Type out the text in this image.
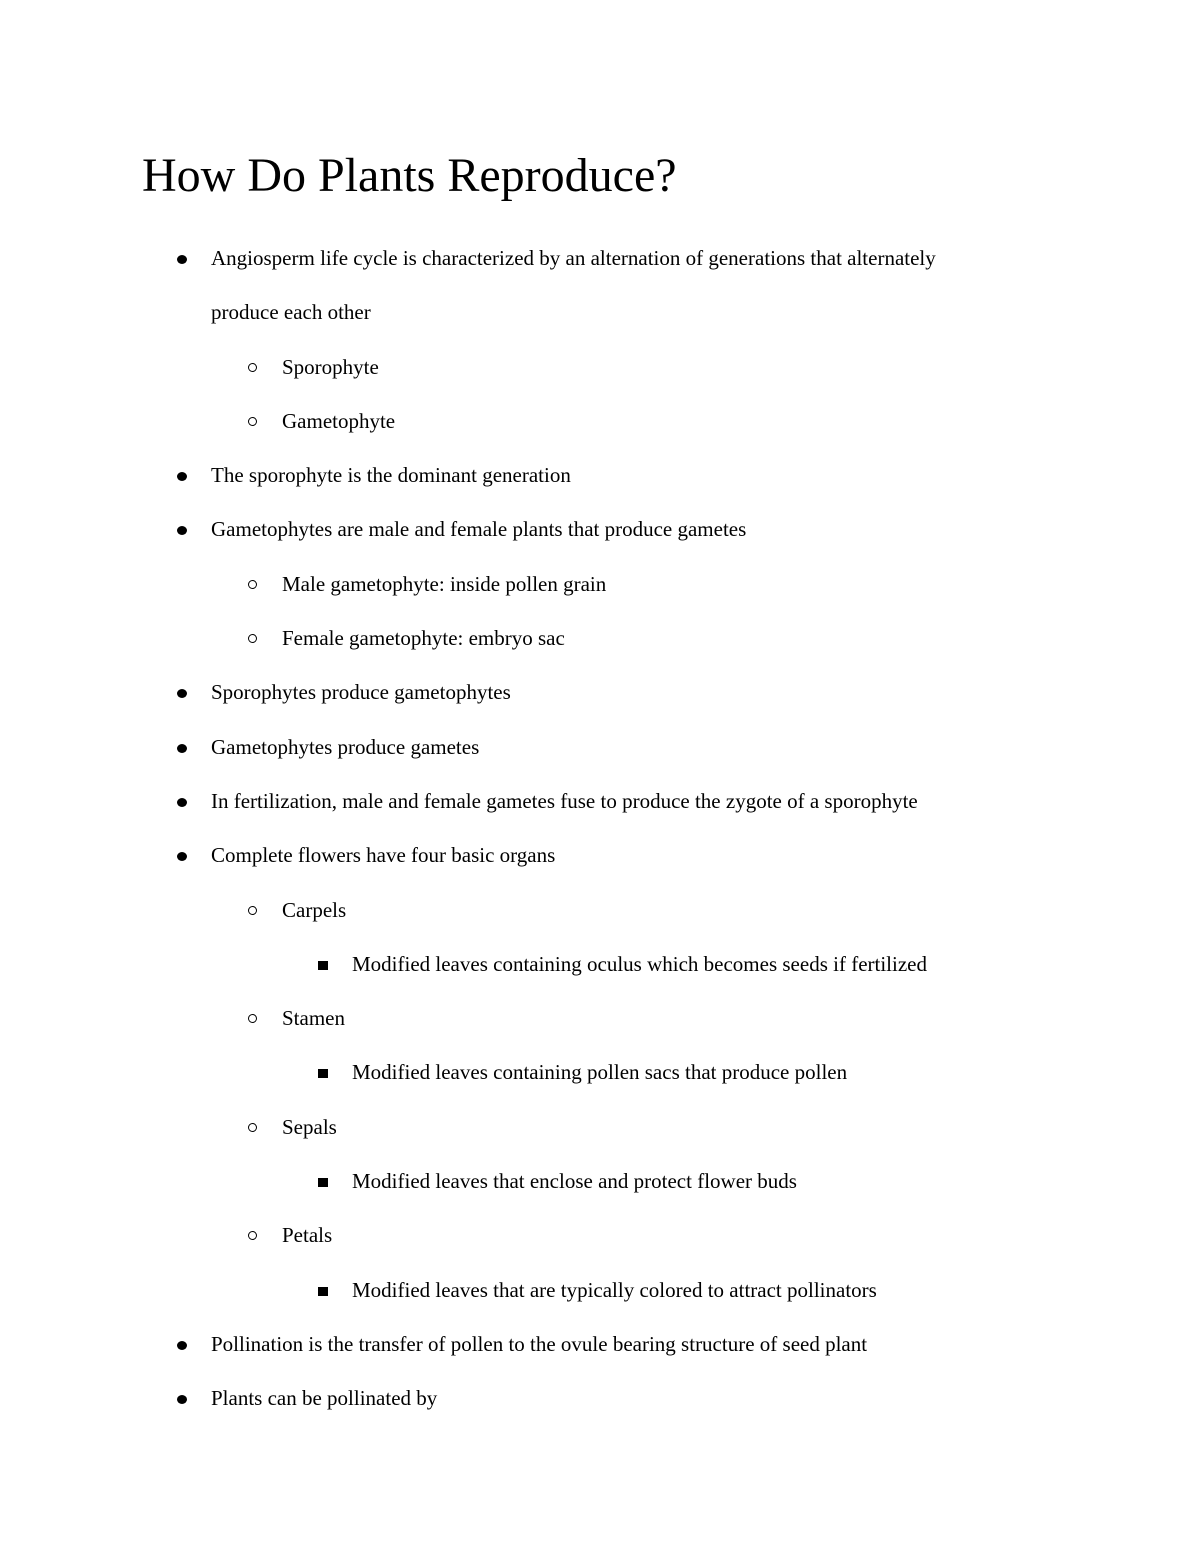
How Do Plants Reproduce?
Angiosperm life cycle is characterized by an alternation of generations that alternately
produce each other
Sporophyte
Gametophyte
The sporophyte is the dominant generation
Gametophytes are male and female plants that produce gametes
Male gametophyte: inside pollen grain
Female gametophyte: embryo sac
Sporophytes produce gametophytes
Gametophytes produce gametes
In fertilization, male and female gametes fuse to produce the zygote of a sporophyte
Complete flowers have four basic organs
Carpels
Modified leaves containing oculus which becomes seeds if fertilized
Stamen
Modified leaves containing pollen sacs that produce pollen
Sepals
Modified leaves that enclose and protect flower buds
Petals
Modified leaves that are typically colored to attract pollinators
Pollination is the transfer of pollen to the ovule bearing structure of seed plant
Plants can be pollinated by
